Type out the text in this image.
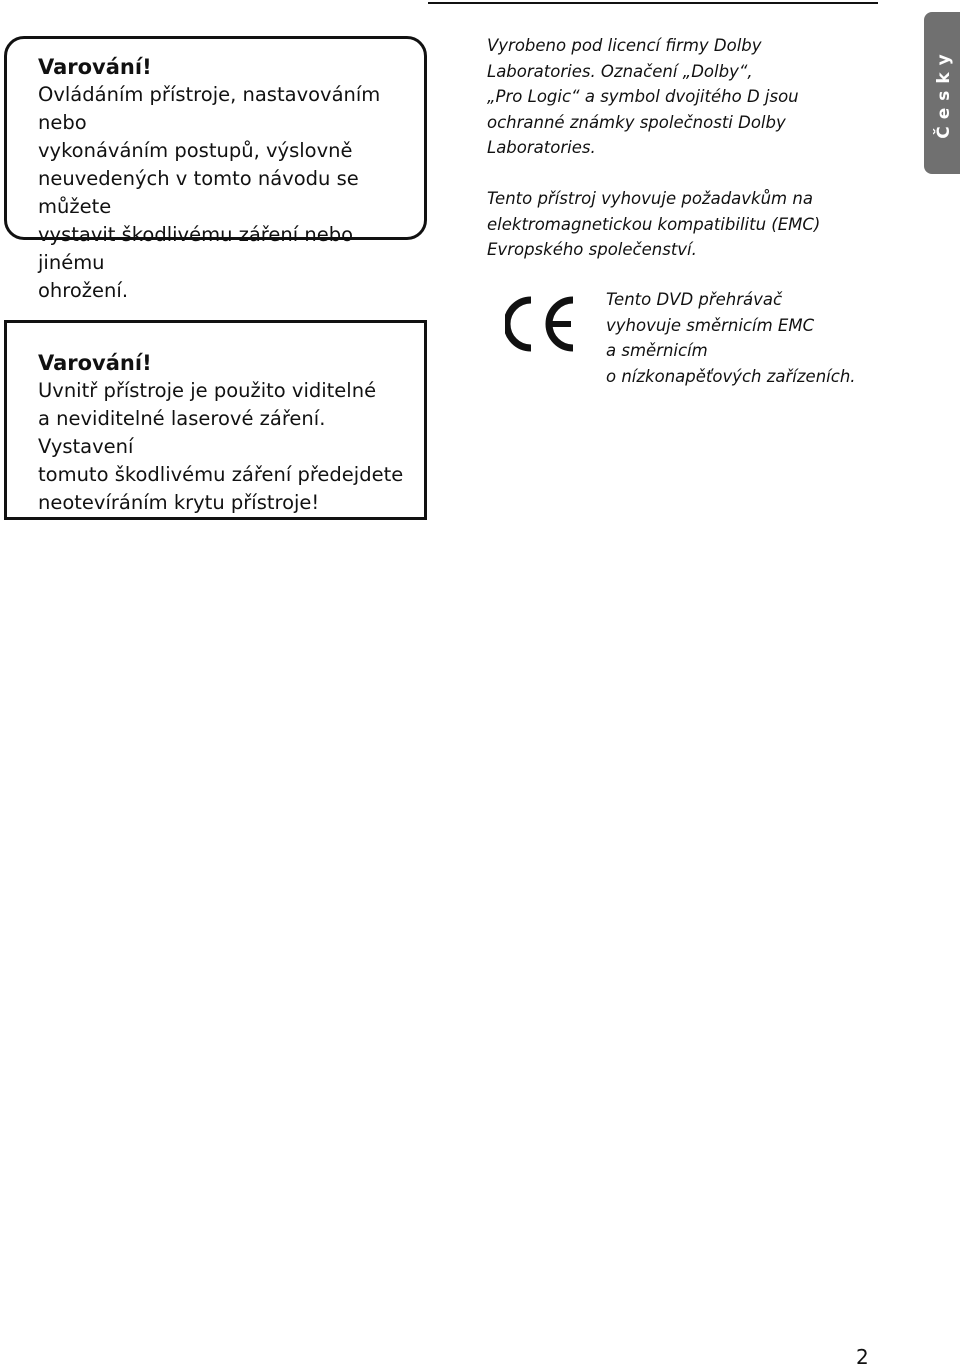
Varování!

Ovládáním přístroje, nastavováním nebo
vykonáváním postupů, výslovně
neuvedených v tomto návodu se můžete
vystavit škodlivému záření nebo jinému
ohrožení.

Varování!

Uvnitř přístroje je použito viditelné
a neviditelné laserové záření. Vystavení
tomuto škodlivému záření předejdete
neotevíráním krytu přístroje!

Vyrobeno pod licencí firmy Dolby
Laboratories. Označení „Dolby“,
„Pro Logic“ a symbol dvojitého D jsou
ochranné známky společnosti Dolby
Laboratories.

Tento přístroj vyhovuje požadavkům na
elektromagnetickou kompatibilitu (EMC)
Evropského společenství.

Tento DVD přehrávač
vyhovuje směrnicím EMC
a směrnicím
o nízkonapěťových zařízeních.

Česky
2
